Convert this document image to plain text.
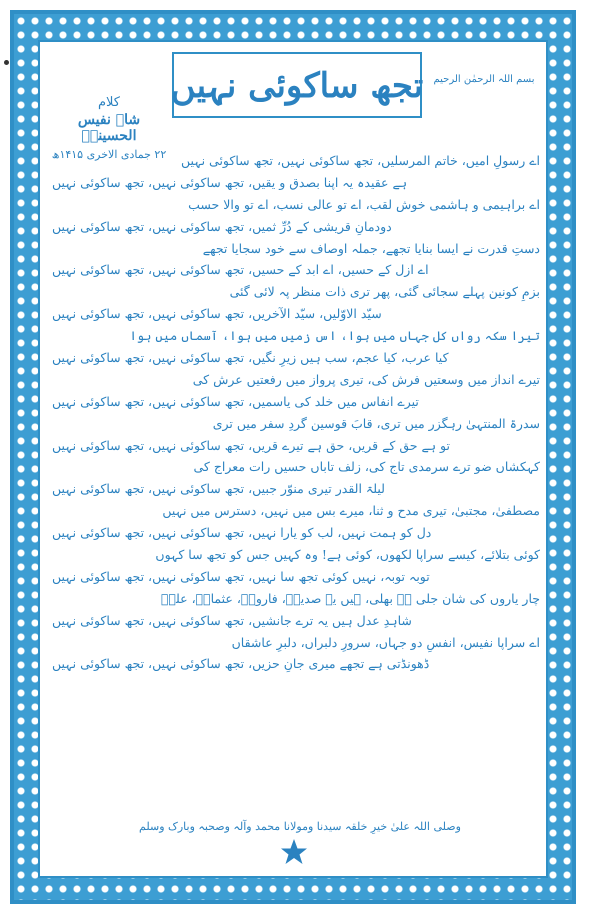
تجھ ساکوئی نہیں	بسم اللہ الرحمٰن الرحیم
کلام
شاہ نفیس الحسینیؒ
۲۲ جمادی الاخری ۱۴۱۵ھ	اے رسولِ امیں، خاتم المرسلیں، تجھ ساکوئی نہیں، تجھ ساکوئی نہیں
ہے عقیدہ یہ اپنا بصدق و یقیں، تجھ ساکوئی نہیں، تجھ ساکوئی نہیں
اے براہیمی و ہاشمی خوش لقب، اے تو عالی نسب، اے تو والا حسب
دودمانِ قریشی کے دُرِّ ثمیں، تجھ ساکوئی نہیں، تجھ ساکوئی نہیں
دستِ قدرت نے ایسا بنایا تجھے، جملہ اوصاف سے خود سجایا تجھے
اے ازل کے حسیں، اے ابد کے حسیں، تجھ ساکوئی نہیں، تجھ ساکوئی نہیں
بزمِ کونین پہلے سجائی گئی، پھر تری ذات منظر پہ لائی گئی
سیّد الاوّلیں، سیّد الآخریں، تجھ ساکوئی نہیں، تجھ ساکوئی نہیں
تیرا سکہ رواں کل جہاں میں ہوا، اس زمیں میں ہوا، آسماں میں ہوا
کیا عرب، کیا عجم، سب ہیں زیرِ نگیں، تجھ ساکوئی نہیں، تجھ ساکوئی نہیں
تیرے انداز میں وسعتیں فرش کی، تیری پرواز میں رفعتیں عرش کی
تیرے انفاس میں خلد کی یاسمیں، تجھ ساکوئی نہیں، تجھ ساکوئی نہیں
سدرۃ المنتہیٰ رہگزر میں تری، قابَ قوسین گردِ سفر میں تری
تو ہے حق کے قریں، حق ہے تیرے قریں، تجھ ساکوئی نہیں، تجھ ساکوئی نہیں
کہکشاں ضو ترے سرمدی تاج کی، زلف تاباں حسیں رات معراج کی
لیلۃ القدر تیری منوّر جبیں، تجھ ساکوئی نہیں، تجھ ساکوئی نہیں
مصطفیٰ، مجتبیٰ، تیری مدح و ثنا، میرے بس میں نہیں، دسترس میں نہیں
دل کو ہمت نہیں، لب کو یارا نہیں، تجھ ساکوئی نہیں، تجھ ساکوئی نہیں
کوئی بتلائے، کیسے سراپا لکھوں، کوئی ہے! وہ کہیں جس کو تجھ سا کہوں
توبہ توبہ، نہیں کوئی تجھ سا نہیں، تجھ ساکوئی نہیں، تجھ ساکوئی نہیں
چار یاروں کی شان جلی ہے بھلی، ہیں یہ صدیقؓ، فاروقؓ، عثمانؓ، علیؓ
شاہدِ عدل ہیں یہ ترے جانشیں، تجھ ساکوئی نہیں، تجھ ساکوئی نہیں
اے سراپا نفیس، انفسِ دو جہاں، سرورِ دلبراں، دلبرِ عاشقاں
ڈھونڈتی ہے تجھے میری جانِ حزیں، تجھ ساکوئی نہیں، تجھ ساکوئی نہیں
وصلی اللہ علیٰ خیرِ خلقہ سیدنا ومولانا محمد وآلہ وصحبہ وبارک وسلم
